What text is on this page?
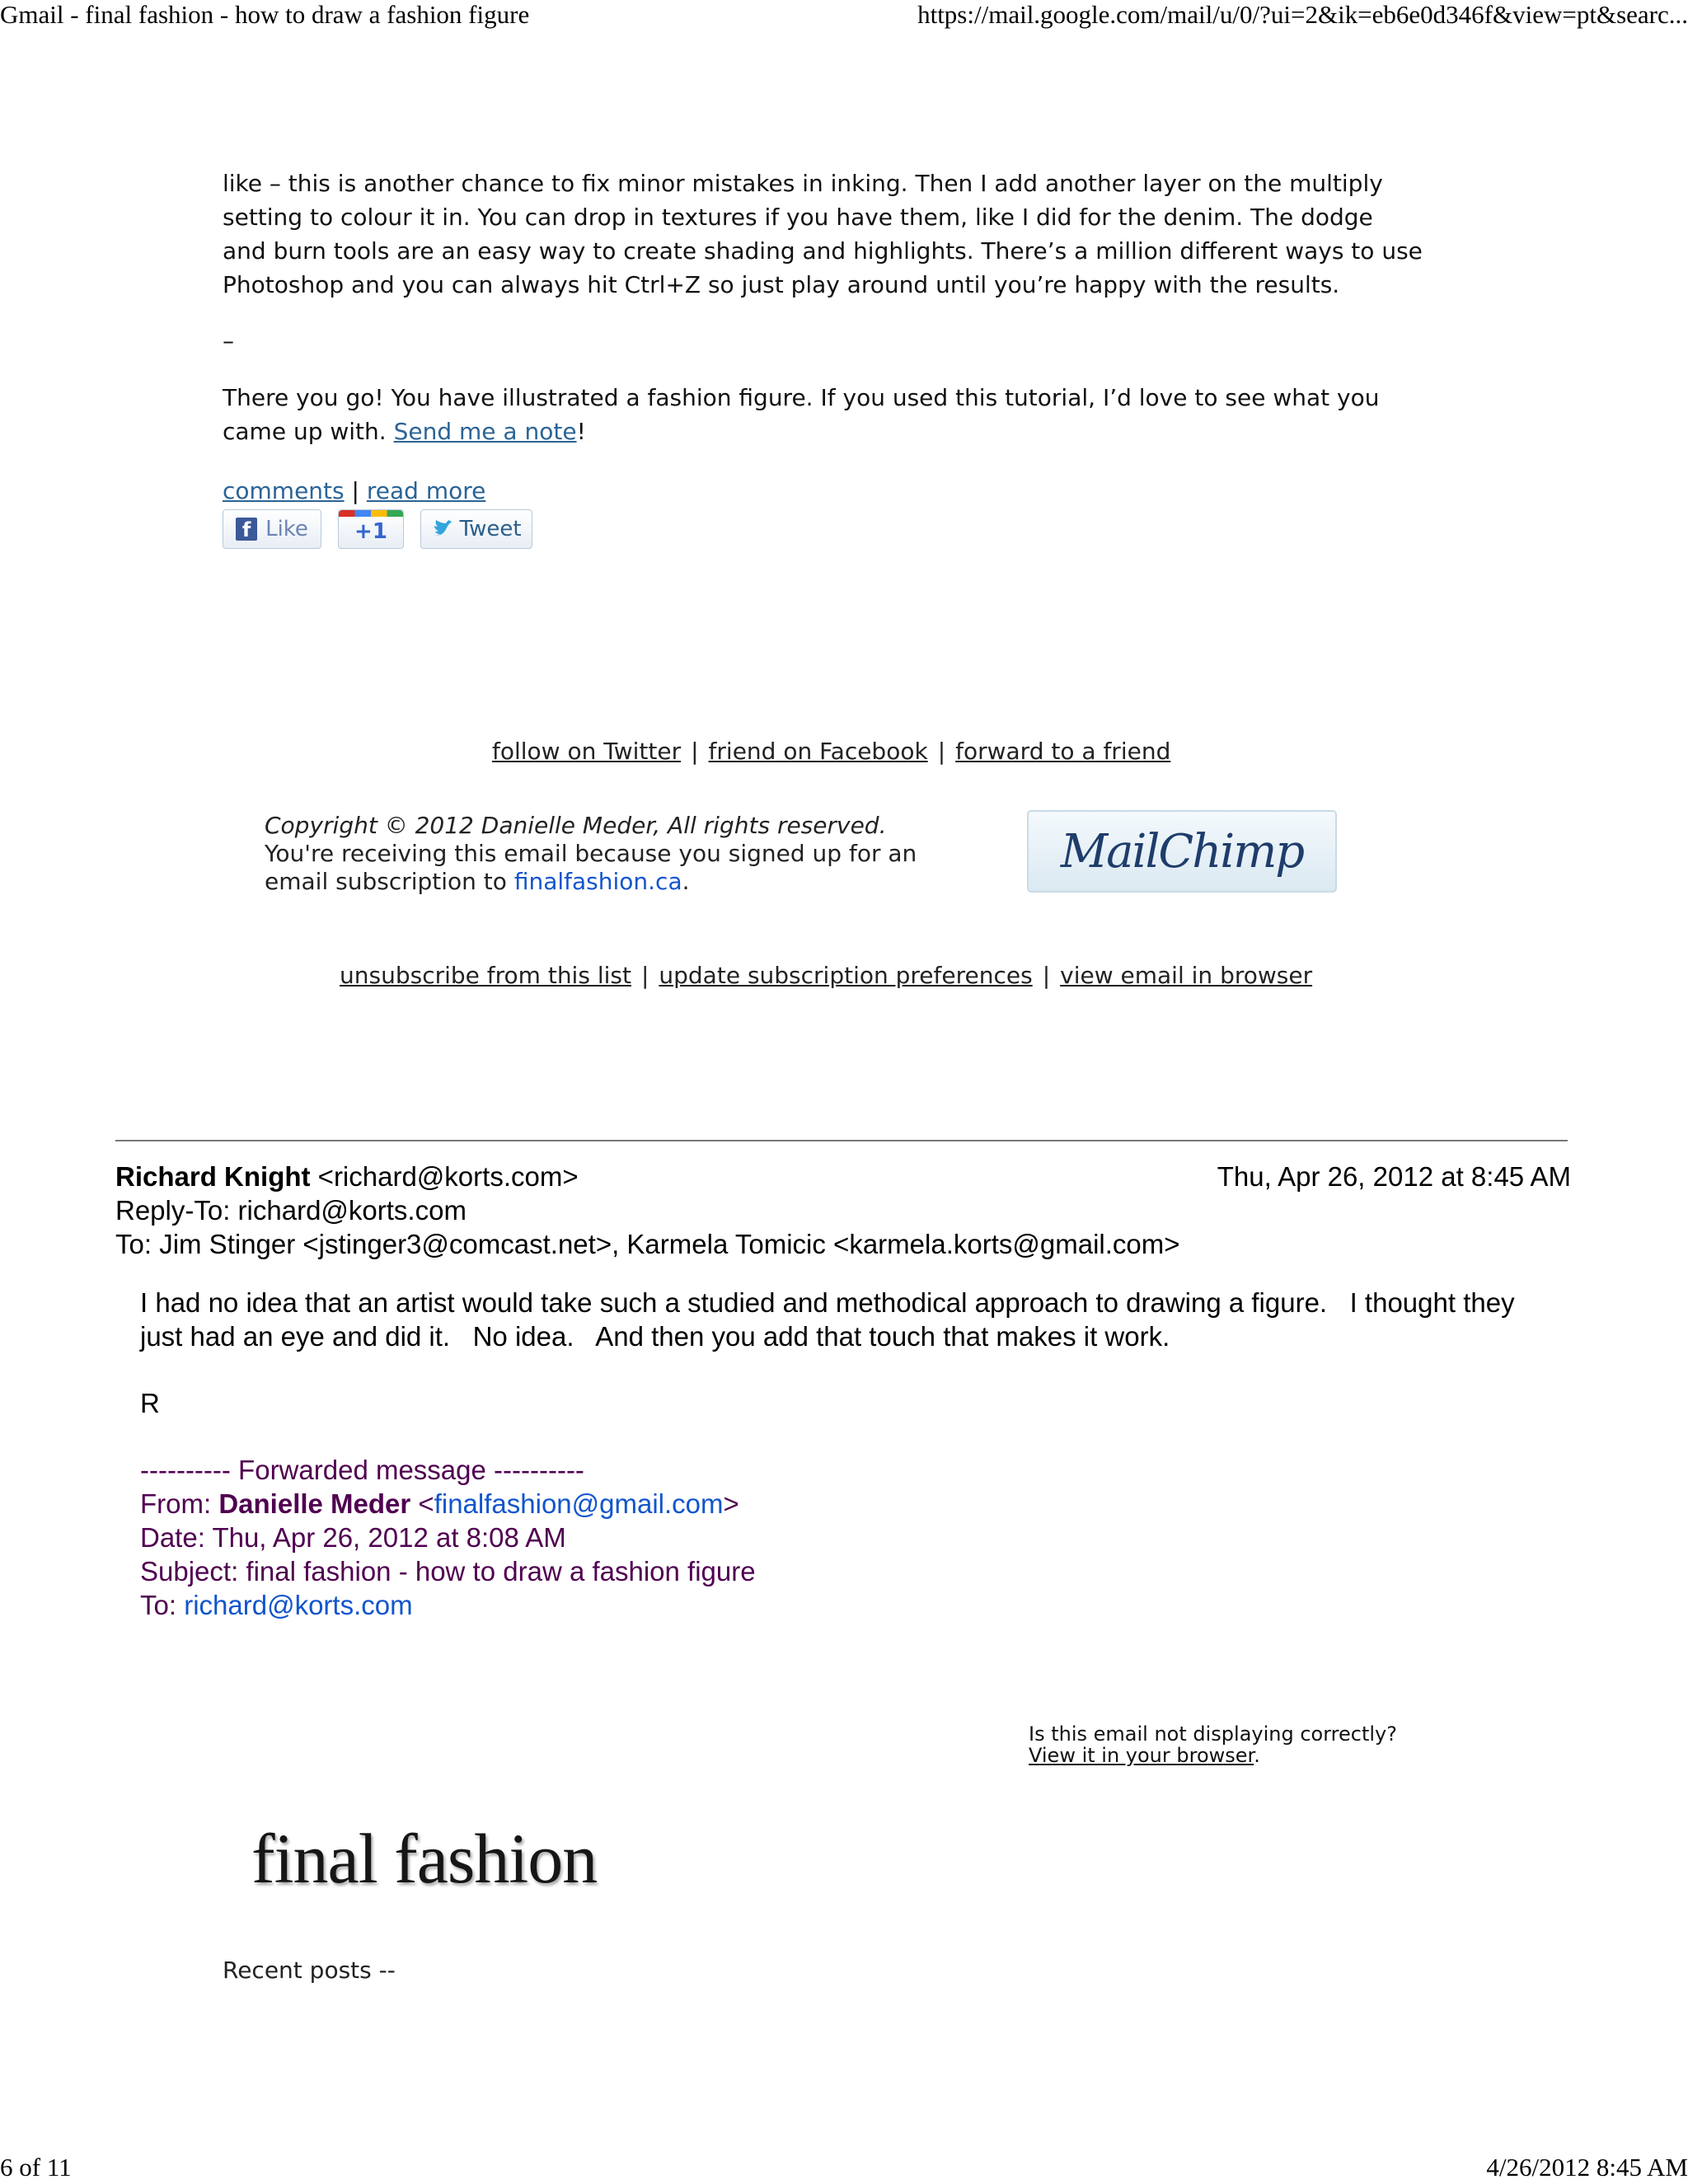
Gmail - final fashion - how to draw a fashion figure	https://mail.google.com/mail/u/0/?ui=2&ik=eb6e0d346f&view=pt&searc...

like – this is another chance to fix minor mistakes in inking. Then I add another layer on the multiply

setting to colour it in. You can drop in textures if you have them, like I did for the denim. The dodge

and burn tools are an easy way to create shading and highlights. There’s a million different ways to use

Photoshop and you can always hit Ctrl+Z so just play around until you’re happy with the results.

–

There you go! You have illustrated a fashion figure. If you used this tutorial, I’d love to see what you

came up with. Send me a note!

comments | read more
f Like +1	Tweet
follow on Twitter | friend on Facebook | forward to a friend
Copyright © 2012 Danielle Meder, All rights reserved.
You're receiving this email because you signed up for an
email subscription to finalfashion.ca.
MailChimp
unsubscribe from this list | update subscription preferences | view email in browser
Richard Knight <richard@korts.com>	Thu, Apr 26, 2012 at 8:45 AM
Reply-To: richard@korts.com
To: Jim Stinger <jstinger3@comcast.net>, Karmela Tomicic <karmela.korts@gmail.com>
I had no idea that an artist would take such a studied and methodical approach to drawing a figure.   I thought they
just had an eye and did it.   No idea.   And then you add that touch that makes it work.
R
---------- Forwarded message ----------
From: Danielle Meder <finalfashion@gmail.com>
Date: Thu, Apr 26, 2012 at 8:08 AM
Subject: final fashion - how to draw a fashion figure
To: richard@korts.com
Is this email not displaying correctly?
View it in your browser.
final fashion
Recent posts --
6 of 11	4/26/2012 8:45 AM
